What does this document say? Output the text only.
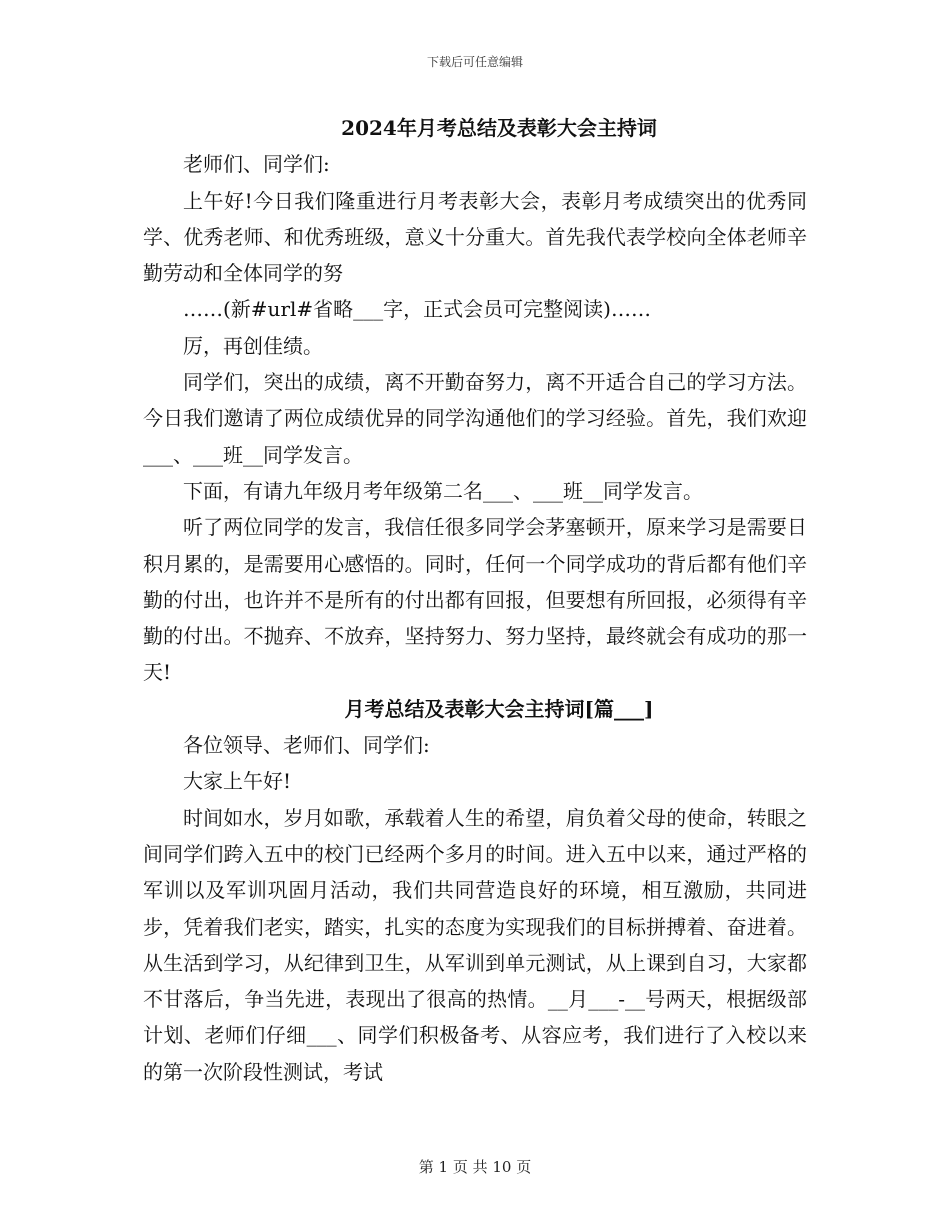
下载后可任意编辑
2024年月考总结及表彰大会主持词

老师们、同学们:

上午好!今日我们隆重进行月考表彰大会，表彰月考成绩突出的优秀同学、优秀老师、和优秀班级，意义十分重大。首先我代表学校向全体老师辛勤劳动和全体同学的努

……(新#url#省略___字，正式会员可完整阅读)……

厉，再创佳绩。

同学们，突出的成绩，离不开勤奋努力，离不开适合自己的学习方法。今日我们邀请了两位成绩优异的同学沟通他们的学习经验。首先，我们欢迎___、___班__同学发言。

下面，有请九年级月考年级第二名___、___班__同学发言。

听了两位同学的发言，我信任很多同学会茅塞顿开，原来学习是需要日积月累的，是需要用心感悟的。同时，任何一个同学成功的背后都有他们辛勤的付出，也许并不是所有的付出都有回报，但要想有所回报，必须得有辛勤的付出。不抛弃、不放弃，坚持努力、努力坚持，最终就会有成功的那一天!

月考总结及表彰大会主持词[篇___]

各位领导、老师们、同学们:

大家上午好!

时间如水，岁月如歌，承载着人生的希望，肩负着父母的使命，转眼之间同学们跨入五中的校门已经两个多月的时间。进入五中以来，通过严格的军训以及军训巩固月活动，我们共同营造良好的环境，相互激励，共同进步，凭着我们老实，踏实，扎实的态度为实现我们的目标拼搏着、奋进着。从生活到学习，从纪律到卫生，从军训到单元测试，从上课到自习，大家都不甘落后，争当先进，表现出了很高的热情。__月___-__号两天，根据级部计划、老师们仔细___、同学们积极备考、从容应考，我们进行了入校以来的第一次阶段性测试，考试

第 1 页 共 10 页
